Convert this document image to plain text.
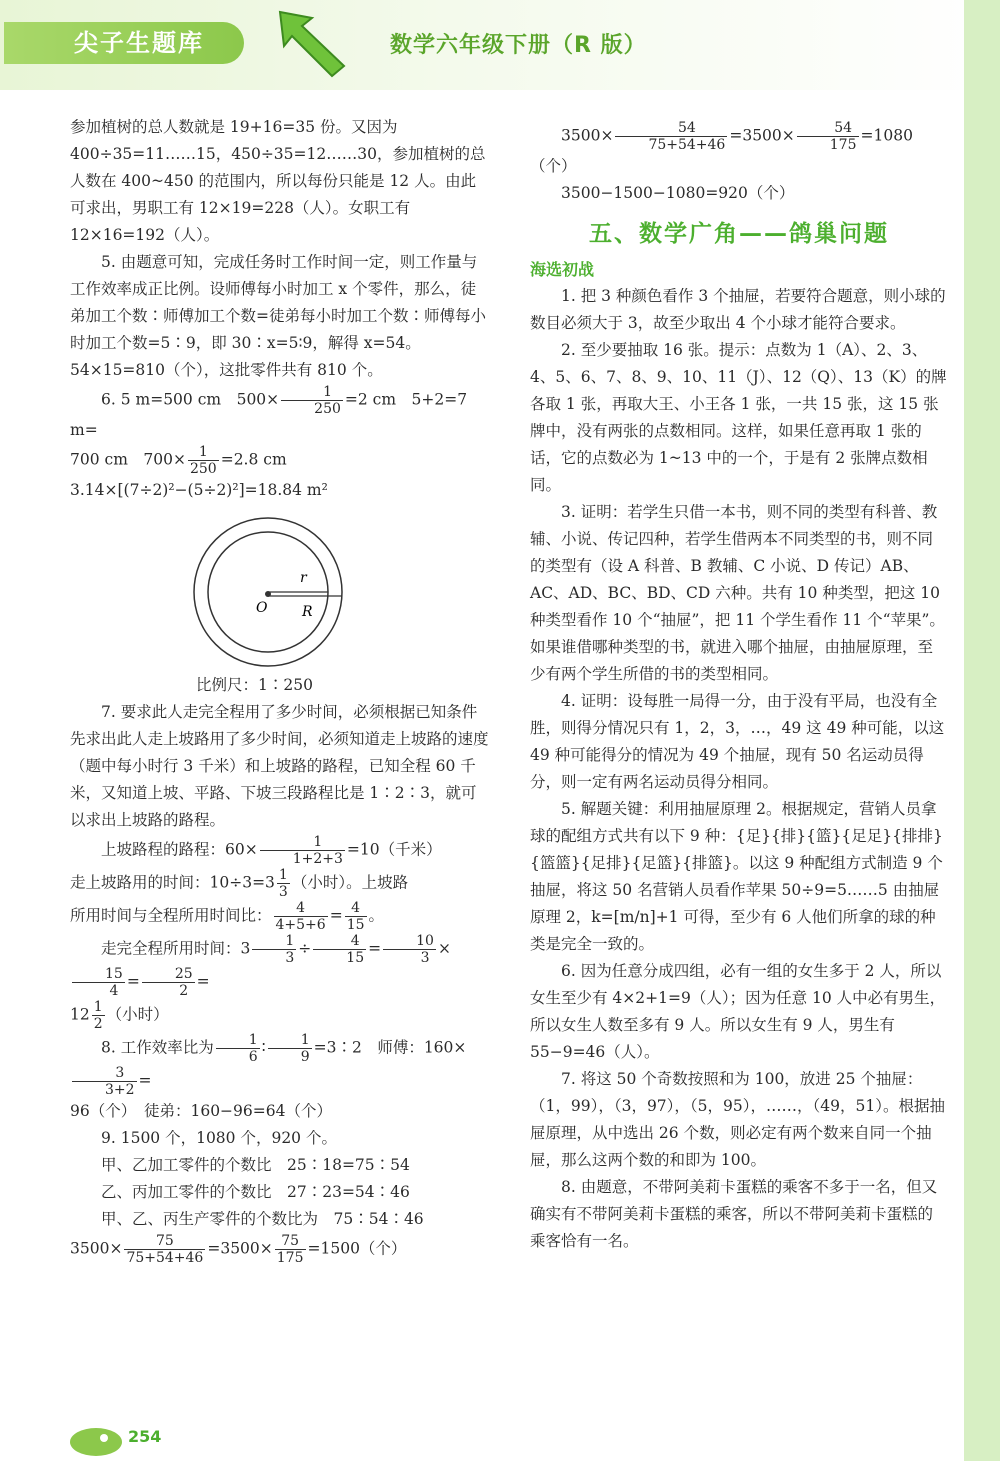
尖子生题库	数学六年级下册（R 版）

参加植树的总人数就是 19+16=35 份。又因为 400÷35=11……15，450÷35=12……30，参加植树的总人数在 400~450 的范围内，所以每份只能是 12 人。由此可求出，男职工有 12×19=228（人）。女职工有 12×16=192（人）。

5. 由题意可知，完成任务时工作时间一定，则工作量与工作效率成正比例。设师傅每小时加工 x 个零件，那么，徒弟加工个数∶师傅加工个数=徒弟每小时加工个数∶师傅每小时加工个数=5∶9，即 30∶x=5∶9，解得 x=54。54×15=810（个），这批零件共有 810 个。

6. 5 m=500 cm　$500\times \frac{1}{250} =2$ cm　5+2=7 m=

700 cm　$700\times \frac{1}{250} =2.8$ cm

3.14×[(7÷2)²−(5÷2)²]=18.84 m²

r
R
O

比例尺：1∶250

7. 要求此人走完全程用了多少时间，必须根据已知条件先求出此人走上坡路用了多少时间，必须知道走上坡路的速度（题中每小时行 3 千米）和上坡路的路程，已知全程 60 千米，又知道上坡、平路、下坡三段路程比是 1∶2∶3，就可以求出上坡路的路程。

上坡路程的路程：$60\times \frac{1}{1+2+3} =10$（千米）

走上坡路用的时间：$10\div 3=3 \frac{1}{3}$ （小时）。上坡路

所用时间与全程所用时间比： $\frac{4}{4+5+6} = \frac{4}{15}$ 。

走完全程所用时间：$3 \frac{1}{3} \div \frac{4}{15} = \frac{10}{3}$ ×
$\frac{15}{4} = \frac{25}{2}$ =

$12 \frac{1}{2}$ （小时）

8. 工作效率比为 $\frac{1}{6}$ ∶ $\frac{1}{9}$ =3∶2　师傅：160×
$\frac{3}{3+2}$ =

96（个）　徒弟：160−96=64（个）

9. 1500 个，1080 个，920 个。

甲、乙加工零件的个数比　25∶18=75∶54

乙、丙加工零件的个数比　27∶23=54∶46

甲、乙、丙生产零件的个数比为　75∶54∶46

$3500\times \frac{75}{75+54+46} =3500\times \frac{75}{175} =1500$（个）

$3500\times \frac{54}{75+54+46} =3500\times \frac{54}{175} =1080$（个）

3500−1500−1080=920（个）

五、数学广角——鸽巢问题

海选初战

1. 把 3 种颜色看作 3 个抽屉，若要符合题意，则小球的数目必须大于 3，故至少取出 4 个小球才能符合要求。

2. 至少要抽取 16 张。提示：点数为 1（A）、2、3、4、5、6、7、8、9、10、11（J）、12（Q）、13（K）的牌各取 1 张，再取大王、小王各 1 张，一共 15 张，这 15 张牌中，没有两张的点数相同。这样，如果任意再取 1 张的话，它的点数必为 1~13 中的一个，于是有 2 张牌点数相同。

3. 证明：若学生只借一本书，则不同的类型有科普、教辅、小说、传记四种，若学生借两本不同类型的书，则不同的类型有（设 A 科普、B 教辅、C 小说、D 传记）AB、AC、AD、BC、BD、CD 六种。共有 10 种类型，把这 10 种类型看作 10 个“抽屉”，把 11 个学生看作 11 个“苹果”。如果谁借哪种类型的书，就进入哪个抽屉，由抽屉原理，至少有两个学生所借的书的类型相同。

4. 证明：设每胜一局得一分，由于没有平局，也没有全胜，则得分情况只有 1，2，3，…，49 这 49 种可能，以这 49 种可能得分的情况为 49 个抽屉，现有 50 名运动员得分，则一定有两名运动员得分相同。

5. 解题关键：利用抽屉原理 2。根据规定，营销人员拿球的配组方式共有以下 9 种：{足}{排}{篮}{足足}{排排}{篮篮}{足排}{足篮}{排篮}。以这 9 种配组方式制造 9 个抽屉，将这 50 名营销人员看作苹果 50÷9=5……5 由抽屉原理 2，k=[m/n]+1 可得，至少有 6 人他们所拿的球的种类是完全一致的。

6. 因为任意分成四组，必有一组的女生多于 2 人，所以女生至少有 4×2+1=9（人）；因为任意 10 人中必有男生，所以女生人数至多有 9 人。所以女生有 9 人，男生有 55−9=46（人）。

7. 将这 50 个奇数按照和为 100，放进 25 个抽屉：（1，99），（3，97），（5，95），……，（49，51）。根据抽屉原理，从中选出 26 个数，则必定有两个数来自同一个抽屉，那么这两个数的和即为 100。

8. 由题意，不带阿美莉卡蛋糕的乘客不多于一名，但又确实有不带阿美莉卡蛋糕的乘客，所以不带阿美莉卡蛋糕的乘客恰有一名。

254
